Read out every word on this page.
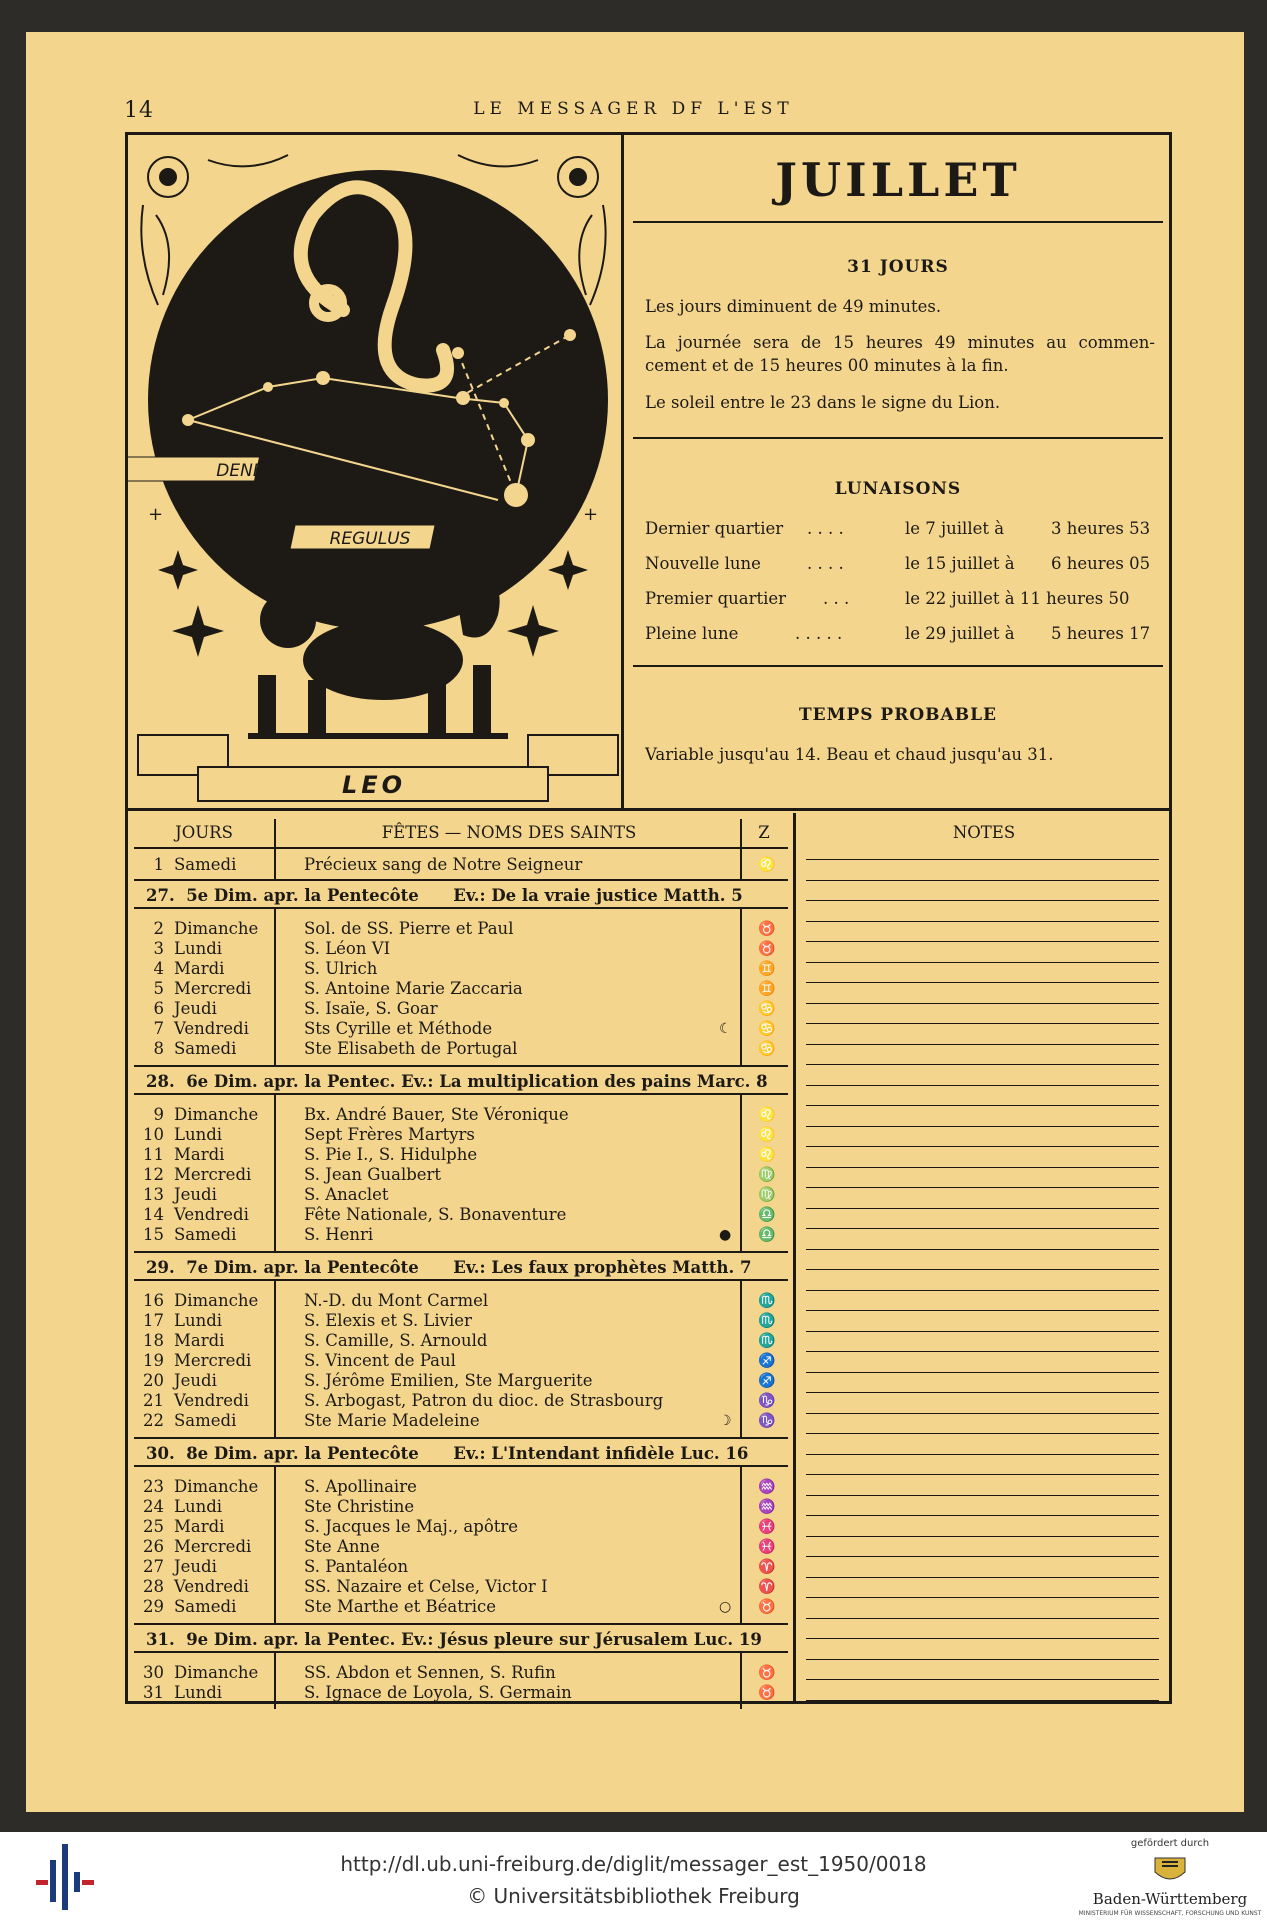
14	LE MESSAGER DF L'EST
DENEBOLA
REGULUS
+	+
LEO
JUILLET
31 JOURS
Les jours diminuent de 49 minutes.
La journée sera de 15 heures 49 minutes au commen- cement et de 15 heures 00 minutes à la fin.
Le soleil entre le 23 dans le signe du Lion.
LUNAISONS
Dernier quartier . . . .	le 7 juillet à	3 heures 53
Nouvelle lune	. . . .	le 15 juillet à 6 heures 05
Premier quartier . . .	le 22 juillet à 11 heures 50
Pleine lune	. . . . .	le 29 juillet à 5 heures 17
TEMPS PROBABLE
Variable jusqu'au 14. Beau et chaud jusqu'au 31.
JOURS	FÊTES — NOMS DES SAINTS	Z
1 Samedi	Précieux sang de Notre Seigneur	♌
27.  5e Dim. apr. la Pentecôte      Ev.: De la vraie justice Matth. 5
2 Dimanche	Sol. de SS. Pierre et Paul	♉
3 Lundi	S. Léon VI	♉
4 Mardi	S. Ulrich	♊
5 Mercredi	S. Antoine Marie Zaccaria	♊
6 Jeudi	S. Isaïe, S. Goar	♋
7 Vendredi	Sts Cyrille et Méthode	☾ ♋
8 Samedi	Ste Elisabeth de Portugal	♋
28.  6e Dim. apr. la Pentec. Ev.: La multiplication des pains Marc. 8
9 Dimanche	Bx. André Bauer, Ste Véronique	♌
10 Lundi	Sept Frères Martyrs	♌
11 Mardi	S. Pie I., S. Hidulphe	♌
12 Mercredi	S. Jean Gualbert	♍
13 Jeudi	S. Anaclet	♍
14 Vendredi	Fête Nationale, S. Bonaventure	♎
15 Samedi	S. Henri	● ♎
29.  7e Dim. apr. la Pentecôte      Ev.: Les faux prophètes Matth. 7
16 Dimanche	N.-D. du Mont Carmel	♏
17 Lundi	S. Elexis et S. Livier	♏
18 Mardi	S. Camille, S. Arnould	♏
19 Mercredi	S. Vincent de Paul	♐
20 Jeudi	S. Jérôme Emilien, Ste Marguerite	♐
21 Vendredi	S. Arbogast, Patron du dioc. de Strasbourg	♑
22 Samedi	Ste Marie Madeleine	☽ ♑
30.  8e Dim. apr. la Pentecôte      Ev.: L'Intendant infidèle Luc. 16
23 Dimanche	S. Apollinaire	♒
24 Lundi	Ste Christine	♒
25 Mardi	S. Jacques le Maj., apôtre	♓
26 Mercredi	Ste Anne	♓
27 Jeudi	S. Pantaléon	♈
28 Vendredi	SS. Nazaire et Celse, Victor I	♈
29 Samedi	Ste Marthe et Béatrice	○ ♉
31.  9e Dim. apr. la Pentec. Ev.: Jésus pleure sur Jérusalem Luc. 19
30 Dimanche	SS. Abdon et Sennen, S. Rufin	♉
31 Lundi	S. Ignace de Loyola, S. Germain	♉
NOTES
http://dl.ub.uni-freiburg.de/diglit/messager_est_1950/0018
© Universitätsbibliothek Freiburg
gefördert durch
Baden-Württemberg
MINISTERIUM FÜR WISSENSCHAFT, FORSCHUNG UND KUNST
